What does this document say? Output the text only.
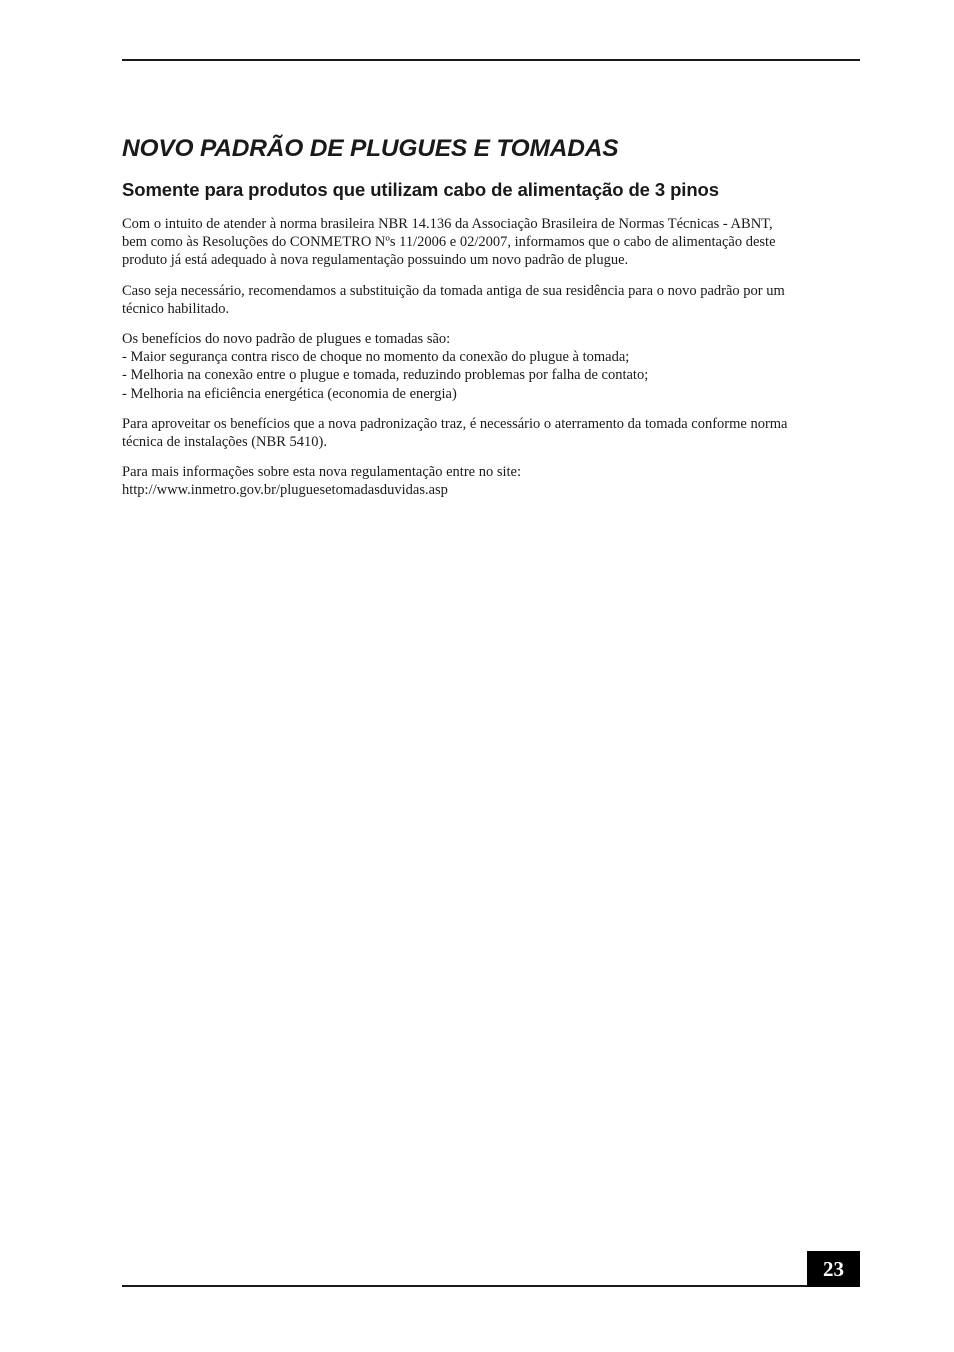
NOVO PADRÃO DE PLUGUES E TOMADAS
Somente para produtos que utilizam cabo de alimentação de 3 pinos

Com o intuito de atender à norma brasileira NBR 14.136 da Associação Brasileira de Normas Técnicas - ABNT,
bem como às Resoluções do CONMETRO Nºs 11/2006 e 02/2007, informamos que o cabo de alimentação deste
produto já está adequado à nova regulamentação possuindo um novo padrão de plugue.

Caso seja necessário, recomendamos a substituição da tomada antiga de sua residência para o novo padrão por um
técnico habilitado.

Os benefícios do novo padrão de plugues e tomadas são:
- Maior segurança contra risco de choque no momento da conexão do plugue à tomada;
- Melhoria na conexão entre o plugue e tomada, reduzindo problemas por falha de contato;
- Melhoria na eficiência energética (economia de energia)

Para aproveitar os benefícios que a nova padronização traz, é necessário o aterramento da tomada conforme norma
técnica de instalações (NBR 5410).

Para mais informações sobre esta nova regulamentação entre no site:
http://www.inmetro.gov.br/pluguesetomadasduvidas.asp

23
